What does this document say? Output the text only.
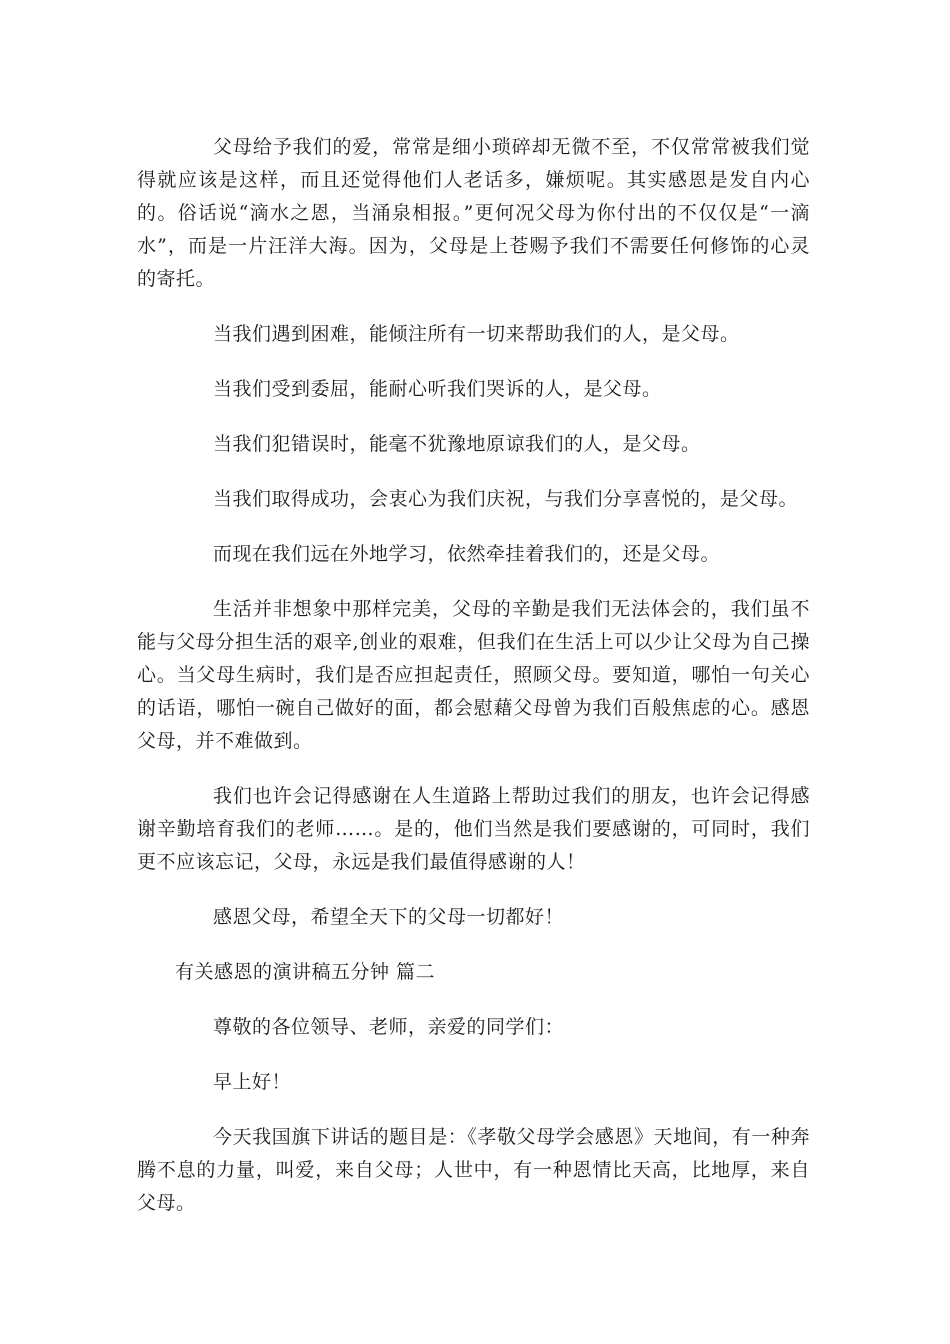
父母给予我们的爱，常常是细小琐碎却无微不至，不仅常常被我们觉得就应该是这样，而且还觉得他们人老话多，嫌烦呢。其实感恩是发自内心的。俗话说“滴水之恩，当涌泉相报。”更何况父母为你付出的不仅仅是“一滴水”，而是一片汪洋大海。因为，父母是上苍赐予我们不需要任何修饰的心灵的寄托。

当我们遇到困难，能倾注所有一切来帮助我们的人，是父母。

当我们受到委屈，能耐心听我们哭诉的人，是父母。

当我们犯错误时，能毫不犹豫地原谅我们的人，是父母。

当我们取得成功，会衷心为我们庆祝，与我们分享喜悦的，是父母。

而现在我们远在外地学习，依然牵挂着我们的，还是父母。

生活并非想象中那样完美，父母的辛勤是我们无法体会的，我们虽不能与父母分担生活的艰辛,创业的艰难，但我们在生活上可以少让父母为自己操心。当父母生病时，我们是否应担起责任，照顾父母。要知道，哪怕一句关心的话语，哪怕一碗自己做好的面，都会慰藉父母曾为我们百般焦虑的心。感恩父母，并不难做到。

我们也许会记得感谢在人生道路上帮助过我们的朋友，也许会记得感谢辛勤培育我们的老师……。是的，他们当然是我们要感谢的，可同时，我们更不应该忘记，父母，永远是我们最值得感谢的人！

感恩父母，希望全天下的父母一切都好！

有关感恩的演讲稿五分钟 篇二

尊敬的各位领导、老师，亲爱的同学们：

早上好！

今天我国旗下讲话的题目是：《孝敬父母学会感恩》天地间，有一种奔腾不息的力量，叫爱，来自父母；人世中，有一种恩情比天高，比地厚，来自父母。
